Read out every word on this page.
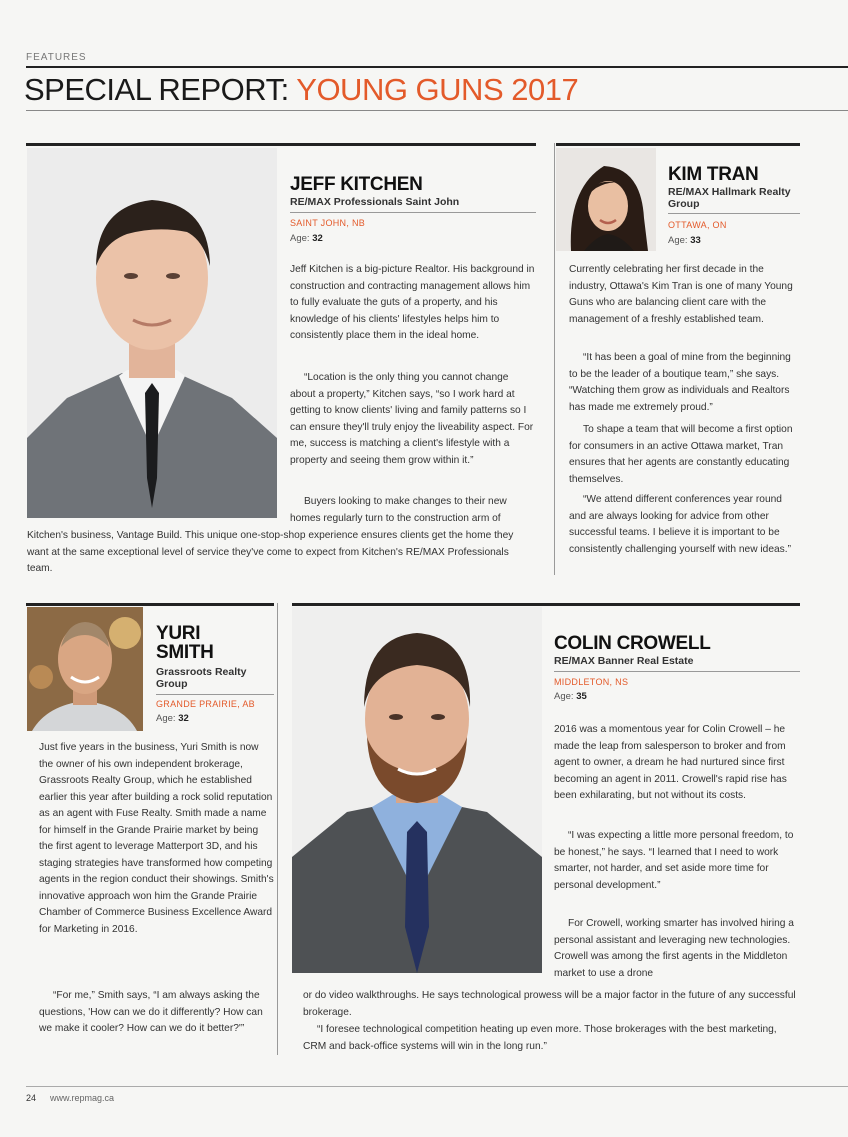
FEATURES
SPECIAL REPORT: YOUNG GUNS 2017
JEFF KITCHEN
RE/MAX Professionals Saint John
SAINT JOHN, NB
Age: 32

Jeff Kitchen is a big-picture Realtor. His background in construction and contracting management allows him to fully evaluate the guts of a property, and his knowledge of his clients' lifestyles helps him to consistently place them in the ideal home.

“Location is the only thing you cannot change about a property,” Kitchen says, “so I work hard at getting to know clients' living and family patterns so I can ensure they'll truly enjoy the liveability aspect. For me, success is matching a client's lifestyle with a property and seeing them grow within it.”

Buyers looking to make changes to their new homes regularly turn to the construction arm of

Kitchen's business, Vantage Build. This unique one-stop-shop experience ensures clients get the home they want at the same exceptional level of service they've come to expect from Kitchen's RE/MAX Professionals team.

KIM TRAN
RE/MAX Hallmark Realty Group
OTTAWA, ON
Age: 33

Currently celebrating her first decade in the industry, Ottawa's Kim Tran is one of many Young Guns who are balancing client care with the management of a freshly established team.

“It has been a goal of mine from the beginning to be the leader of a boutique team,” she says. “Watching them grow as individuals and Realtors has made me extremely proud.”

To shape a team that will become a first option for consumers in an active Ottawa market, Tran ensures that her agents are constantly educating themselves.

“We attend different conferences year round and are always looking for advice from other successful teams. I believe it is important to be consistently challenging yourself with new ideas.”

YURI
SMITH
Grassroots Realty Group
GRANDE PRAIRIE, AB
Age: 32

Just five years in the business, Yuri Smith is now the owner of his own independent brokerage, Grassroots Realty Group, which he established earlier this year after building a rock solid reputation as an agent with Fuse Realty. Smith made a name for himself in the Grande Prairie market by being the first agent to leverage Matterport 3D, and his staging strategies have transformed how competing agents in the region conduct their showings. Smith's innovative approach won him the Grande Prairie Chamber of Commerce Business Excellence Award for Marketing in 2016.

“For me,” Smith says, “I am always asking the questions, 'How can we do it differently? How can we make it cooler? How can we do it better?'”

COLIN CROWELL
RE/MAX Banner Real Estate
MIDDLETON, NS
Age: 35

2016 was a momentous year for Colin Crowell – he made the leap from salesperson to broker and from agent to owner, a dream he had nurtured since first becoming an agent in 2011. Crowell's rapid rise has been exhilarating, but not without its costs.

“I was expecting a little more personal freedom, to be honest,” he says. “I learned that I need to work smarter, not harder, and set aside more time for personal development.”

For Crowell, working smarter has involved hiring a personal assistant and leveraging new technologies. Crowell was among the first agents in the Middleton market to use a drone

or do video walkthroughs. He says technological prowess will be a major factor in the future of any successful brokerage.

“I foresee technological competition heating up even more. Those brokerages with the best marketing, CRM and back-office systems will win in the long run.”

24 www.repmag.ca
